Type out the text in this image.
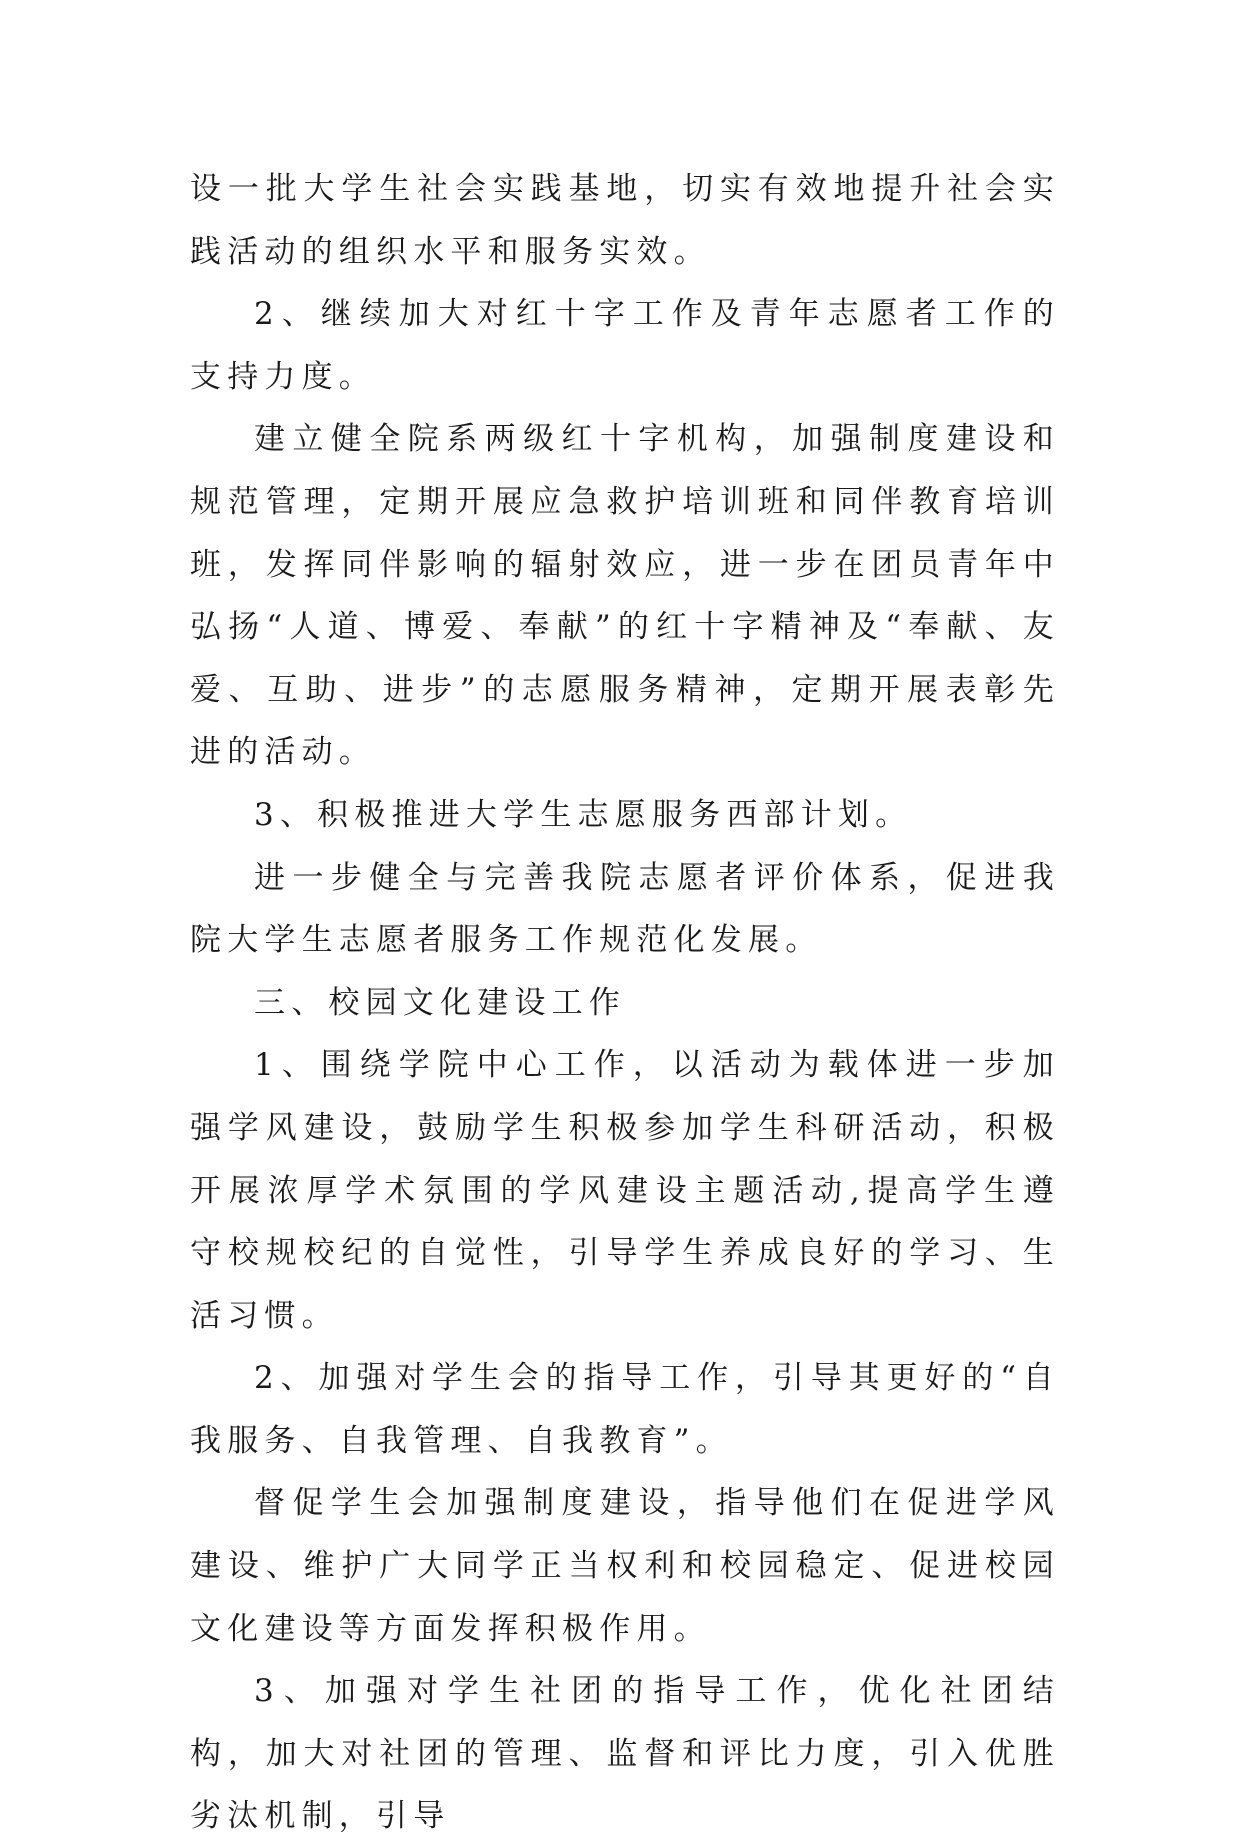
设一批大学生社会实践基地，切实有效地提升社会实践活动的组织水平和服务实效。

2、继续加大对红十字工作及青年志愿者工作的支持力度。

建立健全院系两级红十字机构，加强制度建设和规范管理，定期开展应急救护培训班和同伴教育培训班，发挥同伴影响的辐射效应，进一步在团员青年中弘扬“人道、博爱、奉献”的红十字精神及“奉献、友爱、互助、进步”的志愿服务精神，定期开展表彰先进的活动。

3、积极推进大学生志愿服务西部计划。

进一步健全与完善我院志愿者评价体系，促进我院大学生志愿者服务工作规范化发展。

三、校园文化建设工作

1、围绕学院中心工作，以活动为载体进一步加强学风建设，鼓励学生积极参加学生科研活动，积极开展浓厚学术氛围的学风建设主题活动,提高学生遵守校规校纪的自觉性，引导学生养成良好的学习、生活习惯。

2、加强对学生会的指导工作，引导其更好的“自我服务、自我管理、自我教育”。

督促学生会加强制度建设，指导他们在促进学风建设、维护广大同学正当权利和校园稳定、促进校园文化建设等方面发挥积极作用。

3、加强对学生社团的指导工作，优化社团结构，加大对社团的管理、监督和评比力度，引入优胜劣汰机制，引导
